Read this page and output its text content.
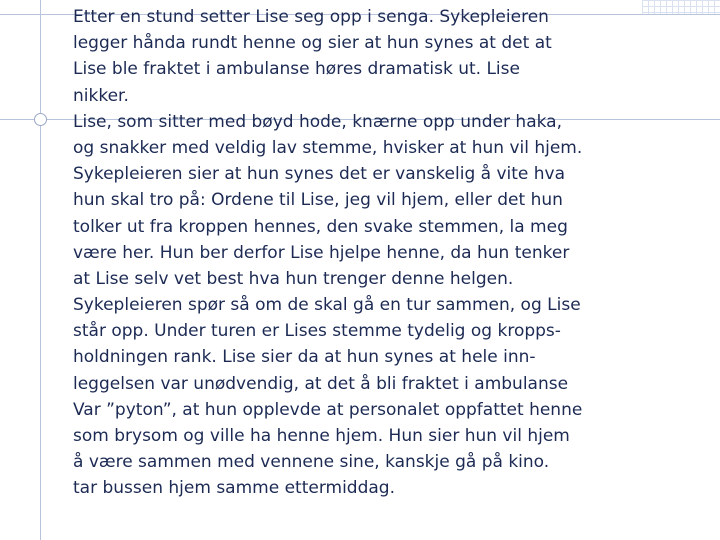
Etter en stund setter Lise seg opp i senga. Sykepleieren
legger hånda rundt henne og sier at hun synes at det at
Lise ble fraktet i ambulanse høres dramatisk ut. Lise
nikker.
Lise, som sitter med bøyd hode, knærne opp under haka,
og snakker med veldig lav stemme, hvisker at hun vil hjem.
Sykepleieren sier at hun synes det er vanskelig å vite hva
hun skal tro på: Ordene til Lise, jeg vil hjem, eller det hun
tolker ut fra kroppen hennes, den svake stemmen, la meg
være her. Hun ber derfor Lise hjelpe henne, da hun tenker
at Lise selv vet best hva hun trenger denne helgen.
Sykepleieren spør så om de skal gå en tur sammen, og Lise
står opp. Under turen er Lises stemme tydelig og kropps-
holdningen rank. Lise sier da at hun synes at hele inn-
leggelsen var unødvendig, at det å bli fraktet i ambulanse
Var ”pyton”, at hun opplevde at personalet oppfattet henne
som brysom og ville ha henne hjem. Hun sier hun vil hjem
å være sammen med vennene sine, kanskje gå på kino.
tar bussen hjem samme ettermiddag.
